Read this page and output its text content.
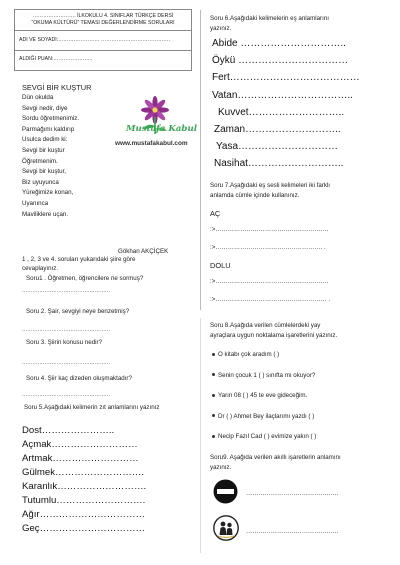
……………………. İLKOKULU 4. SINIFLAR TÜRKÇE DERSİ
“OKUMA KÜLTÜRÜ” TEMASI DEĞERLENDİRME SORULARI
ADI VE SOYADI:…………………… ………………………………….
ALDIĞI PUAN:…………………..
SEVGİ BİR KUŞTUR
Dün okulda
Sevgi nedir, diye
Sordu öğretmenimiz.
Parmağımı kaldırıp
Usulca dedim ki:
Sevgi bir kuştur
Öğretmenim.
Sevgi bir kuştur,
Biz uyuyunca
Yüreğimize konan,
Uyanınca
Maviliklere uçan.
Gökhan AKÇİÇEK
Mustafa Kabul
www.mustafakabul.com
1 , 2, 3 ve 4. soruları yukarıdaki şiire göre
cevaplayınız.
Soru1 . Öğretmen, öğrencilere ne sormuş?
……………………………………………
Soru 2. Şair, sevgiyi neye benzetmiş?
……………………………………………
Soru 3. Şiirin konusu nedir?
……………………………………………
Soru 4. Şiir kaç dizeden oluşmaktadır?
……………………………………………
Soru 5.Aşağıdaki kelimerin zıt anlamlarını yazınız
Dost…………………..
Açmak………………………
Artmak………………………
Gülmek……………………….
Karanlık……………………….
Tutumlu……………………….
Ağır……………………………
Geç……………………………
Soru 6.Aşağıdaki kelimelerin eş anlamlarını
yazınız.
Abide …………………………..
Öykü ……………………………
Fert…………………………………
Vatan……………………………..
Kuvvet………………………..
Zaman………………………..
Yasa…………………………
Nasihat………………………..
Soru 7.Aşağıdaki eş sesli kelimeleri iki farklı
anlamda cümle içinde kullanınız.
AÇ
:>……………………………………………….
:>……………………………………………. .
DOLU
:>……………………………………………….
:>……………………………………………… .
Soru 8.Aşağıda verilen cümlelerdeki yay
ayraçlara uygun noktalama işaretlerini yazınız.
O kitabı çok aradım ( )
Senin çocuk 1 ( ) sınıfta mı okuyor?
Yarın 08 ( ) 45 te eve gideceğim.
Dr ( ) Ahmet Bey ilaçlarımı yazdı ( )
Necip Fazıl Cad ( ) evimize yakın ( )
Soru9. Aşağıda verilen akıllı işaretlerin anlamını
yazınız.
………………………………………
………………………………………
